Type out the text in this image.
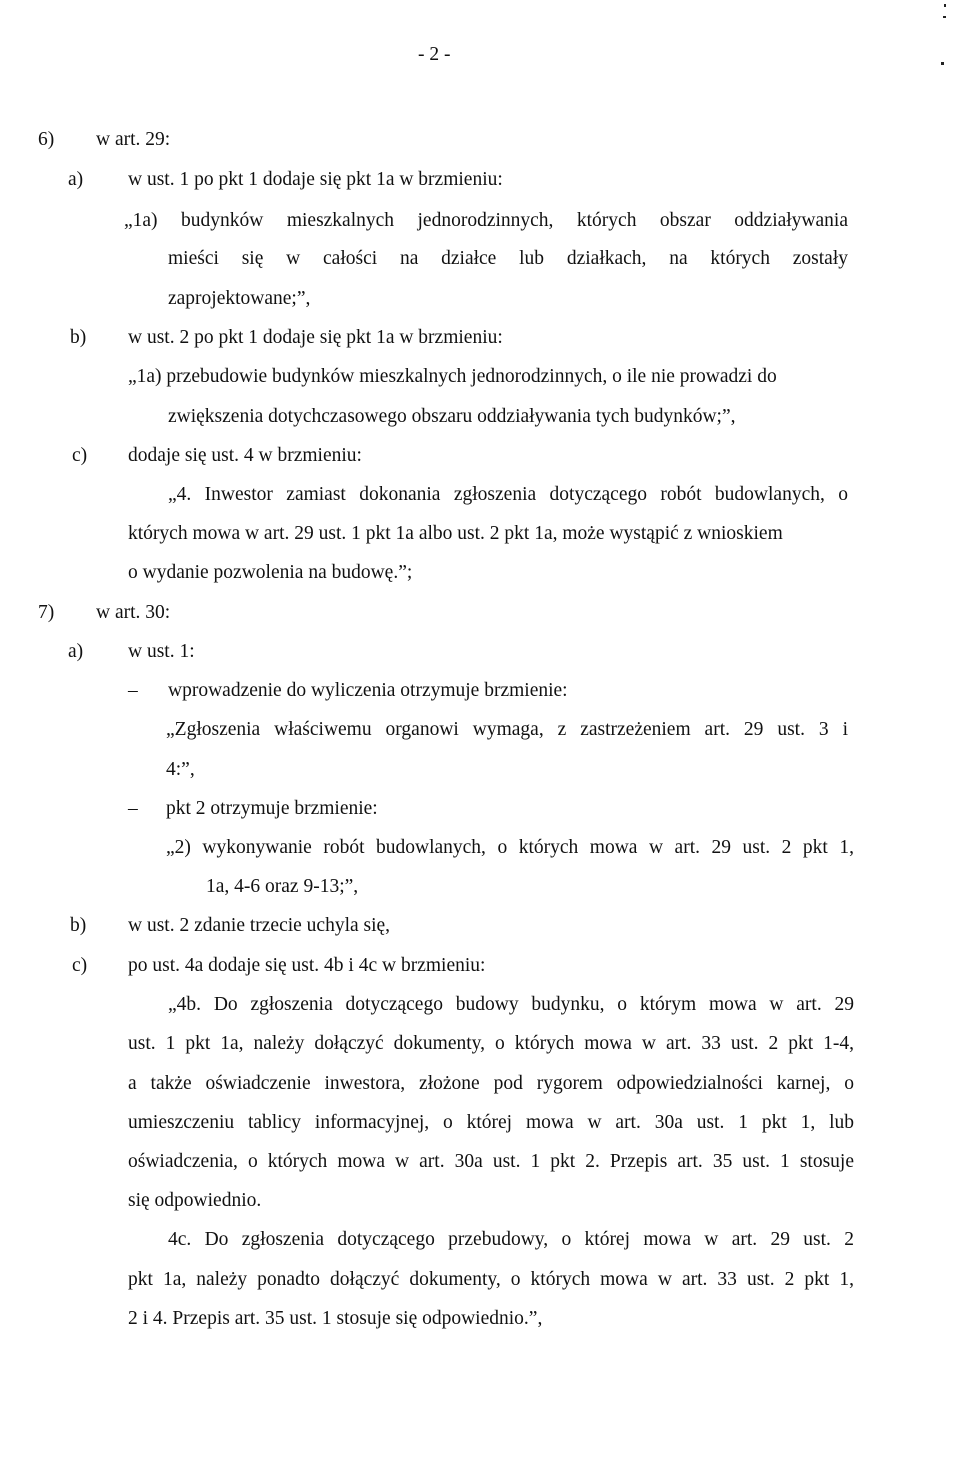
- 2 -
6) w art. 29:
a) w ust. 1 po pkt 1 dodaje się pkt 1a w brzmieniu:
„1a) budynków mieszkalnych jednorodzinnych, których obszar oddziaływania
mieści się w całości na działce lub działkach, na których zostały
zaprojektowane;”,
b) w ust. 2 po pkt 1 dodaje się pkt 1a w brzmieniu:
„1a) przebudowie budynków mieszkalnych jednorodzinnych, o ile nie prowadzi do
zwiększenia dotychczasowego obszaru oddziaływania tych budynków;”,
c) dodaje się ust. 4 w brzmieniu:
„4. Inwestor zamiast dokonania zgłoszenia dotyczącego robót budowlanych, o
których mowa w art. 29 ust. 1 pkt 1a albo ust. 2 pkt 1a, może wystąpić z wnioskiem
o wydanie pozwolenia na budowę.”;
7) w art. 30:
a) w ust. 1:
– wprowadzenie do wyliczenia otrzymuje brzmienie:
„Zgłoszenia właściwemu organowi wymaga, z zastrzeżeniem art. 29 ust. 3 i
4:”,
– pkt 2 otrzymuje brzmienie:
„2) wykonywanie robót budowlanych, o których mowa w art. 29 ust. 2 pkt 1,
1a, 4-6 oraz 9-13;”,
b) w ust. 2 zdanie trzecie uchyla się,
c) po ust. 4a dodaje się ust. 4b i 4c w brzmieniu:
„4b. Do zgłoszenia dotyczącego budowy budynku, o którym mowa w art. 29
ust. 1 pkt 1a, należy dołączyć dokumenty, o których mowa w art. 33 ust. 2 pkt 1-4,
a także oświadczenie inwestora, złożone pod rygorem odpowiedzialności karnej, o
umieszczeniu tablicy informacyjnej, o której mowa w art. 30a ust. 1 pkt 1, lub
oświadczenia, o których mowa w art. 30a ust. 1 pkt 2. Przepis art. 35 ust. 1 stosuje
się odpowiednio.
4c. Do zgłoszenia dotyczącego przebudowy, o której mowa w art. 29 ust. 2
pkt 1a, należy ponadto dołączyć dokumenty, o których mowa w art. 33 ust. 2 pkt 1,
2 i 4. Przepis art. 35 ust. 1 stosuje się odpowiednio.”,
